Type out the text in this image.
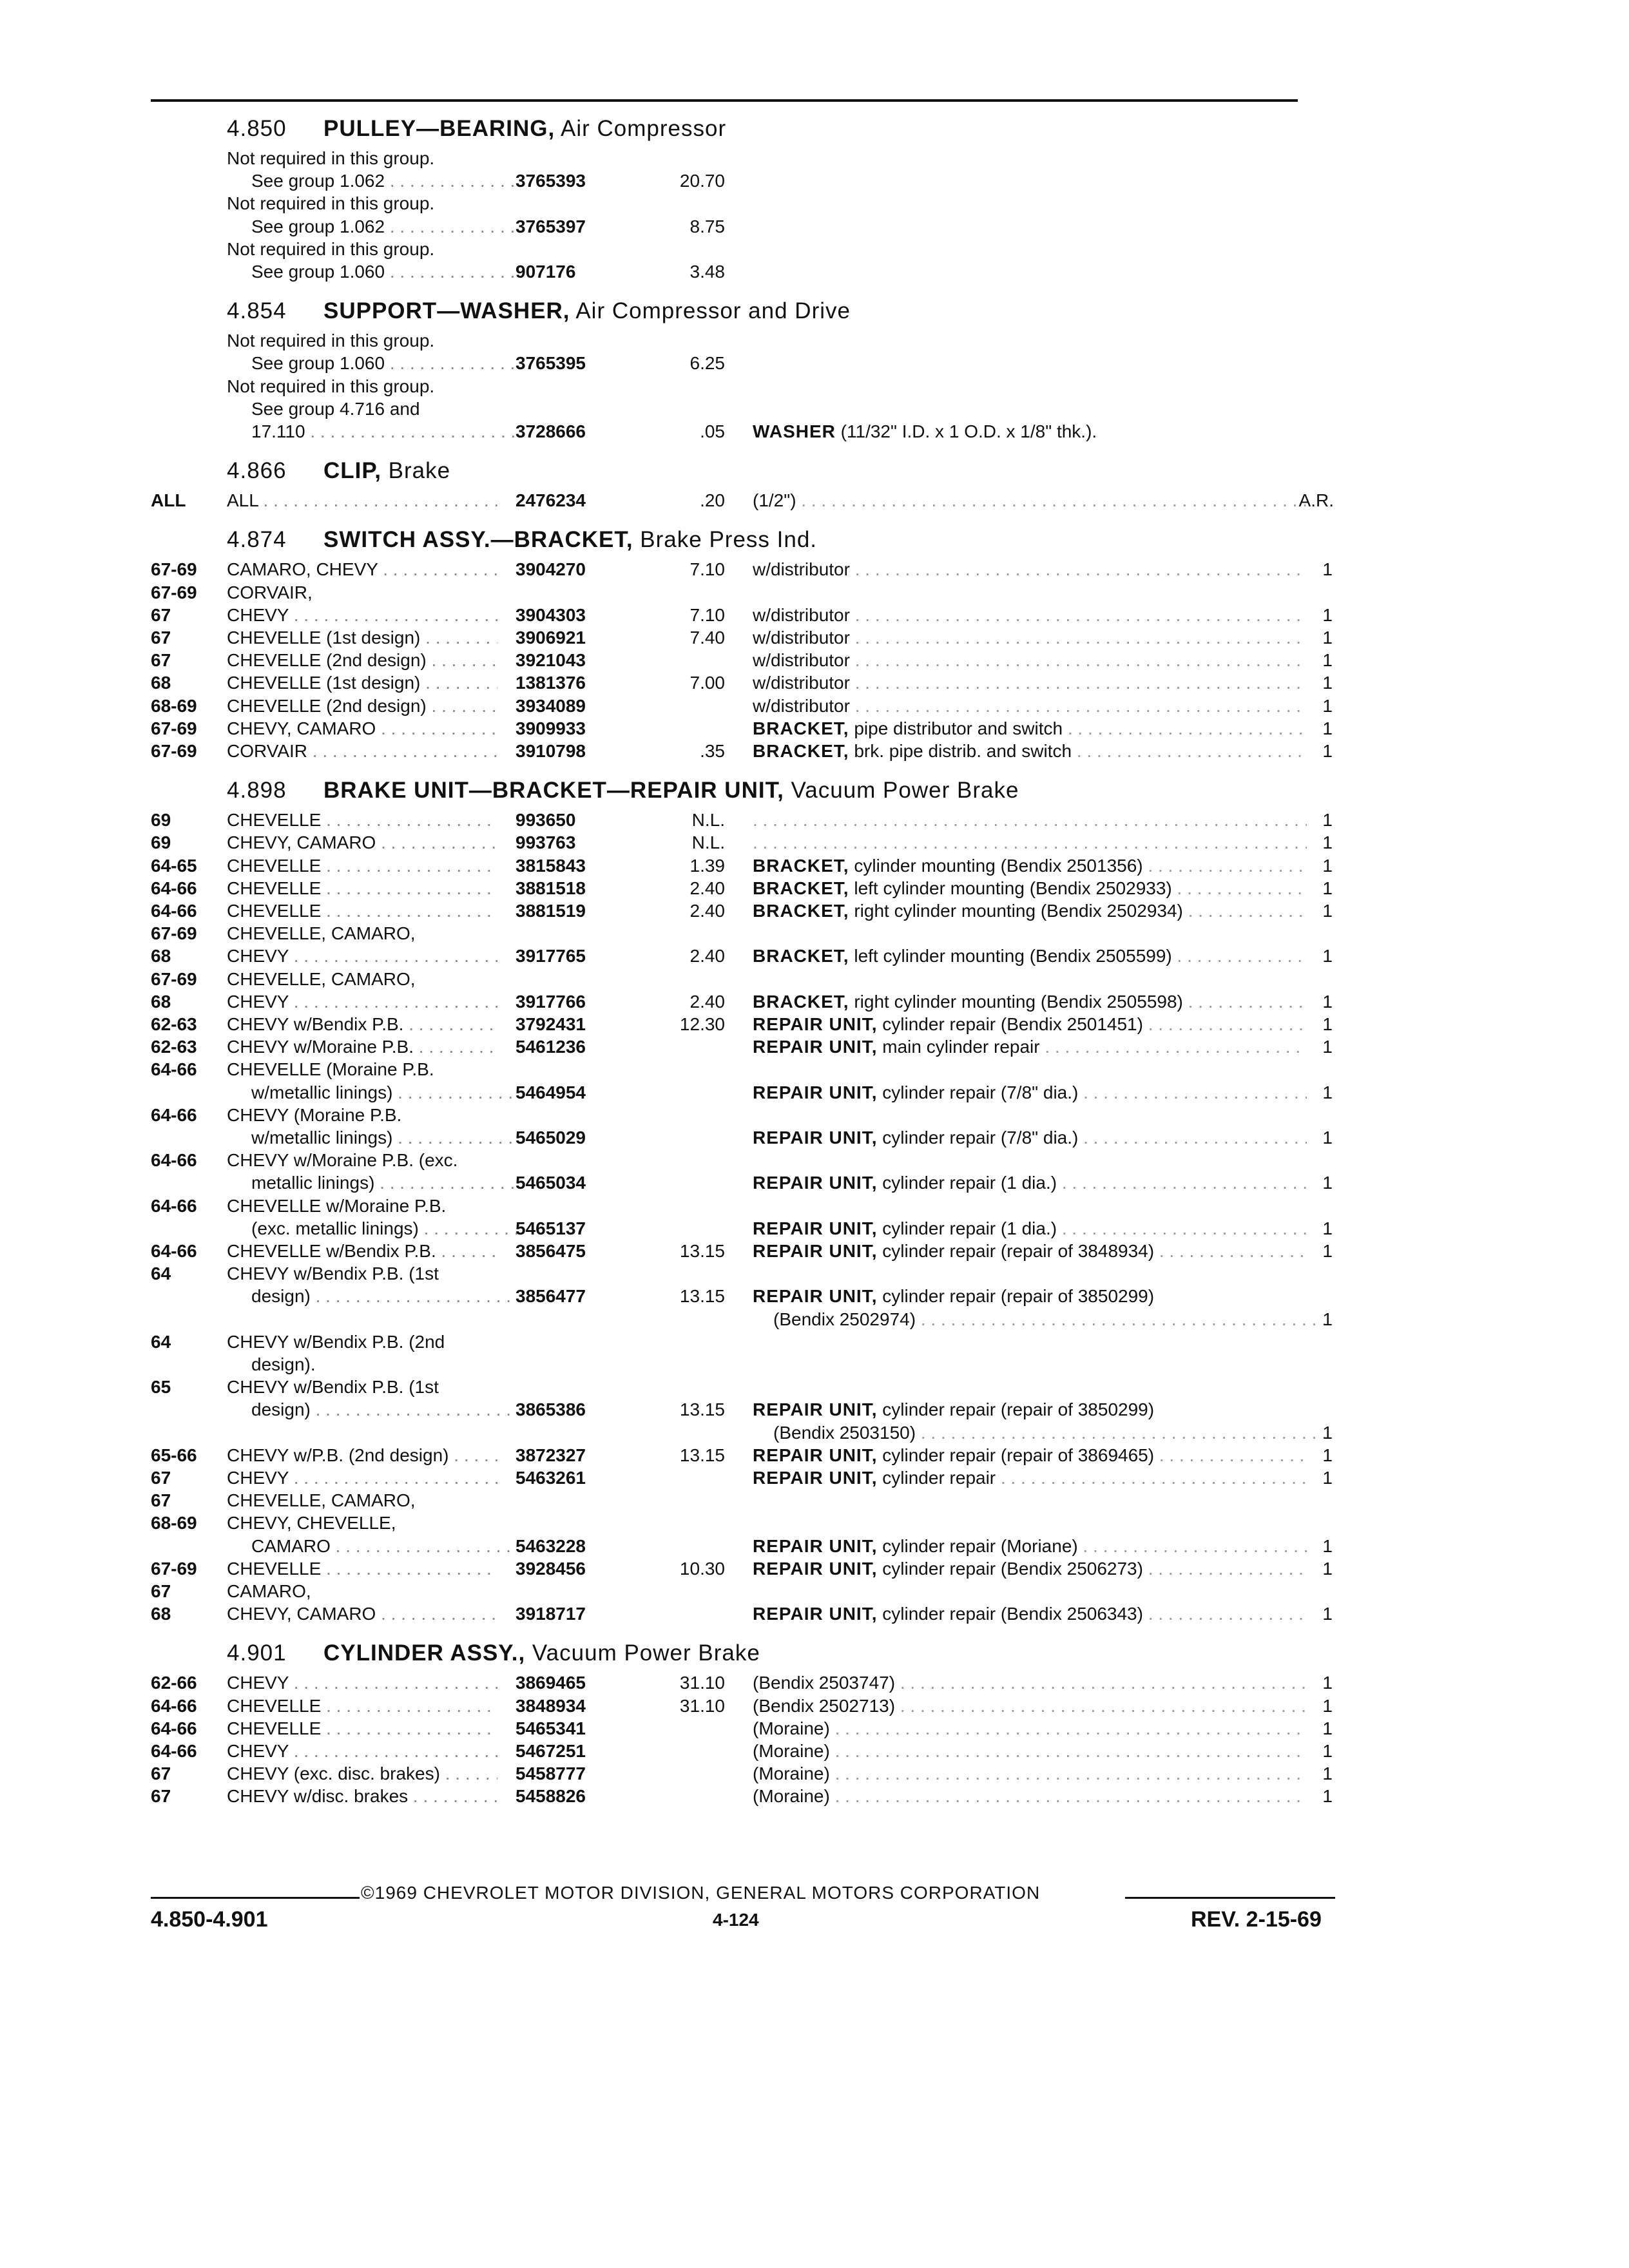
4.850 PULLEY—BEARING, Air Compressor
Not required in this group.
See group 1.062 . . .	3765393	20.70
Not required in this group.
See group 1.062 . . .	3765397	8.75
Not required in this group.
See group 1.060 . . .	907176	3.48
4.854 SUPPORT—WASHER, Air Compressor and Drive
Not required in this group.
See group 1.060 . . .	3765395	6.25
Not required in this group.
See group 4.716 and
17.110 . . .	3728666	.05 WASHER (11/32" I.D. x 1 O.D. x 1/8" thk.).
4.866 CLIP, Brake
ALL ALL . . .	2476234	.20 (1/2") . . .	A.R.
4.874 SWITCH ASSY.—BRACKET, Brake Press Ind.
67-69 CAMARO, CHEVY . . .	3904270	7.10 w/distributor . . .	1
67-69 CORVAIR,
67	CHEVY . . .	3904303	7.10 w/distributor . . .	1
67	CHEVELLE (1st design) . . .	3906921	7.40 w/distributor . . .	1
67	CHEVELLE (2nd design) . . .	3921043	w/distributor . . .	1
68	CHEVELLE (1st design) . . .	1381376	7.00 w/distributor . . .	1
68-69 CHEVELLE (2nd design) . . .	3934089	w/distributor . . .	1
67-69 CHEVY, CAMARO . . .	3909933	BRACKET, pipe distributor and switch . . .	1
67-69 CORVAIR . . .	3910798	.35 BRACKET, brk. pipe distrib. and switch . . .	1
4.898 BRAKE UNIT—BRACKET—REPAIR UNIT, Vacuum Power Brake
69	CHEVELLE . . .	993650	N.L. . . .	1
69	CHEVY, CAMARO . . .	993763	N.L. . . .	1
64-65 CHEVELLE . . .	3815843	1.39 BRACKET, cylinder mounting (Bendix 2501356) . . .	1
64-66 CHEVELLE . . .	3881518	2.40 BRACKET, left cylinder mounting (Bendix 2502933) . . .	1
64-66 CHEVELLE . . .	3881519	2.40 BRACKET, right cylinder mounting (Bendix 2502934) . . .	1
67-69 CHEVELLE, CAMARO,
68	CHEVY . . .	3917765	2.40 BRACKET, left cylinder mounting (Bendix 2505599) . . .	1
67-69 CHEVELLE, CAMARO,
68	CHEVY . . .	3917766	2.40 BRACKET, right cylinder mounting (Bendix 2505598) . . .	1
62-63 CHEVY w/Bendix P.B. . . .	3792431	12.30 REPAIR UNIT, cylinder repair (Bendix 2501451) . . .	1
62-63 CHEVY w/Moraine P.B. . . .	5461236	REPAIR UNIT, main cylinder repair . . .	1
64-66 CHEVELLE (Moraine P.B.
w/metallic linings) . . .	5464954	REPAIR UNIT, cylinder repair (7/8" dia.) . . .	1
64-66 CHEVY (Moraine P.B.
w/metallic linings) . . .	5465029	REPAIR UNIT, cylinder repair (7/8" dia.) . . .	1
64-66 CHEVY w/Moraine P.B. (exc.
metallic linings) . . .	5465034	REPAIR UNIT, cylinder repair (1 dia.) . . .	1
64-66 CHEVELLE w/Moraine P.B.
(exc. metallic linings) . . .	5465137	REPAIR UNIT, cylinder repair (1 dia.) . . .	1
64-66 CHEVELLE w/Bendix P.B. . . .	3856475	13.15 REPAIR UNIT, cylinder repair (repair of 3848934) . . .	1
64	CHEVY w/Bendix P.B. (1st
design) . . .	3856477	13.15 REPAIR UNIT, cylinder repair (repair of 3850299)
(Bendix 2502974) . . .	1
64	CHEVY w/Bendix P.B. (2nd
design).
65	CHEVY w/Bendix P.B. (1st
design) . . .	3865386	13.15 REPAIR UNIT, cylinder repair (repair of 3850299)
(Bendix 2503150) . . .	1
65-66 CHEVY w/P.B. (2nd design) . . .	3872327	13.15 REPAIR UNIT, cylinder repair (repair of 3869465) . . .	1
67	CHEVY . . .	5463261	REPAIR UNIT, cylinder repair . . .	1
67	CHEVELLE, CAMARO,
68-69 CHEVY, CHEVELLE,
CAMARO . . .	5463228	REPAIR UNIT, cylinder repair (Moriane) . . .	1
67-69 CHEVELLE . . .	3928456	10.30 REPAIR UNIT, cylinder repair (Bendix 2506273) . . .	1
67	CAMARO,
68	CHEVY, CAMARO . . .	3918717	REPAIR UNIT, cylinder repair (Bendix 2506343) . . .	1
4.901 CYLINDER ASSY., Vacuum Power Brake
62-66 CHEVY . . .	3869465	31.10 (Bendix 2503747) . . .	1
64-66 CHEVELLE . . .	3848934	31.10 (Bendix 2502713) . . .	1
64-66 CHEVELLE . . .	5465341	(Moraine) . . .	1
64-66 CHEVY . . .	5467251	(Moraine) . . .	1
67	CHEVY (exc. disc. brakes) . . .	5458777	(Moraine) . . .	1
67	CHEVY w/disc. brakes . . .	5458826	(Moraine) . . .	1
©1969 CHEVROLET MOTOR DIVISION, GENERAL MOTORS CORPORATION
4.850-4.901	4-124	REV. 2-15-69
